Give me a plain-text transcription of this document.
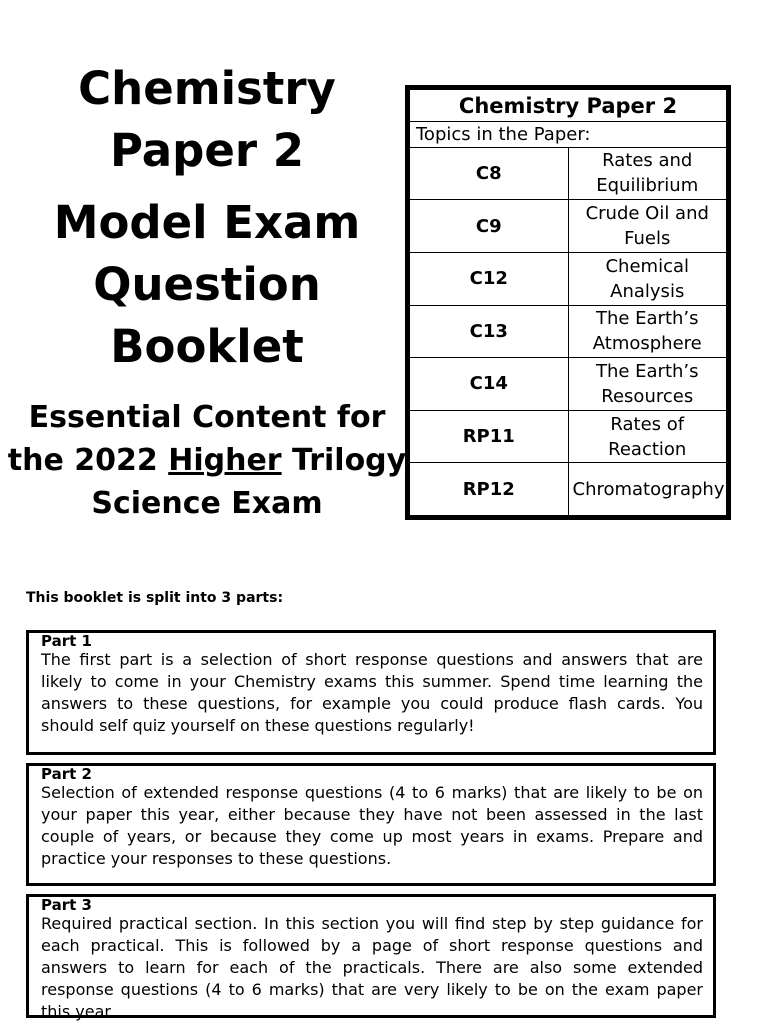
Chemistry
Paper 2
Model Exam
Question
Booklet
Essential Content for
the 2022 Higher Trilogy
Science Exam
Chemistry Paper 2	
Topics in the Paper:	
C8	Rates and Equilibrium
C9	Crude Oil and Fuels
C12	Chemical Analysis
C13	The Earth’s Atmosphere
C14	The Earth’s Resources
RP11	Rates of Reaction
RP12	Chromatography
This booklet is split into 3 parts:
Part 1
The first part is a selection of short response questions and answers that are likely to come in your Chemistry exams this summer. Spend time learning the answers to these questions, for example you could produce flash cards. You should self quiz yourself on these questions regularly!
Part 2
Selection of extended response questions (4 to 6 marks) that are likely to be on your paper this year, either because they have not been assessed in the last couple of years, or because they come up most years in exams. Prepare and practice your responses to these questions.
Part 3
Required practical section. In this section you will find step by step guidance for each practical. This is followed by a page of short response questions and answers to learn for each of the practicals. There are also some extended response questions (4 to 6 marks) that are very likely to be on the exam paper this year.
